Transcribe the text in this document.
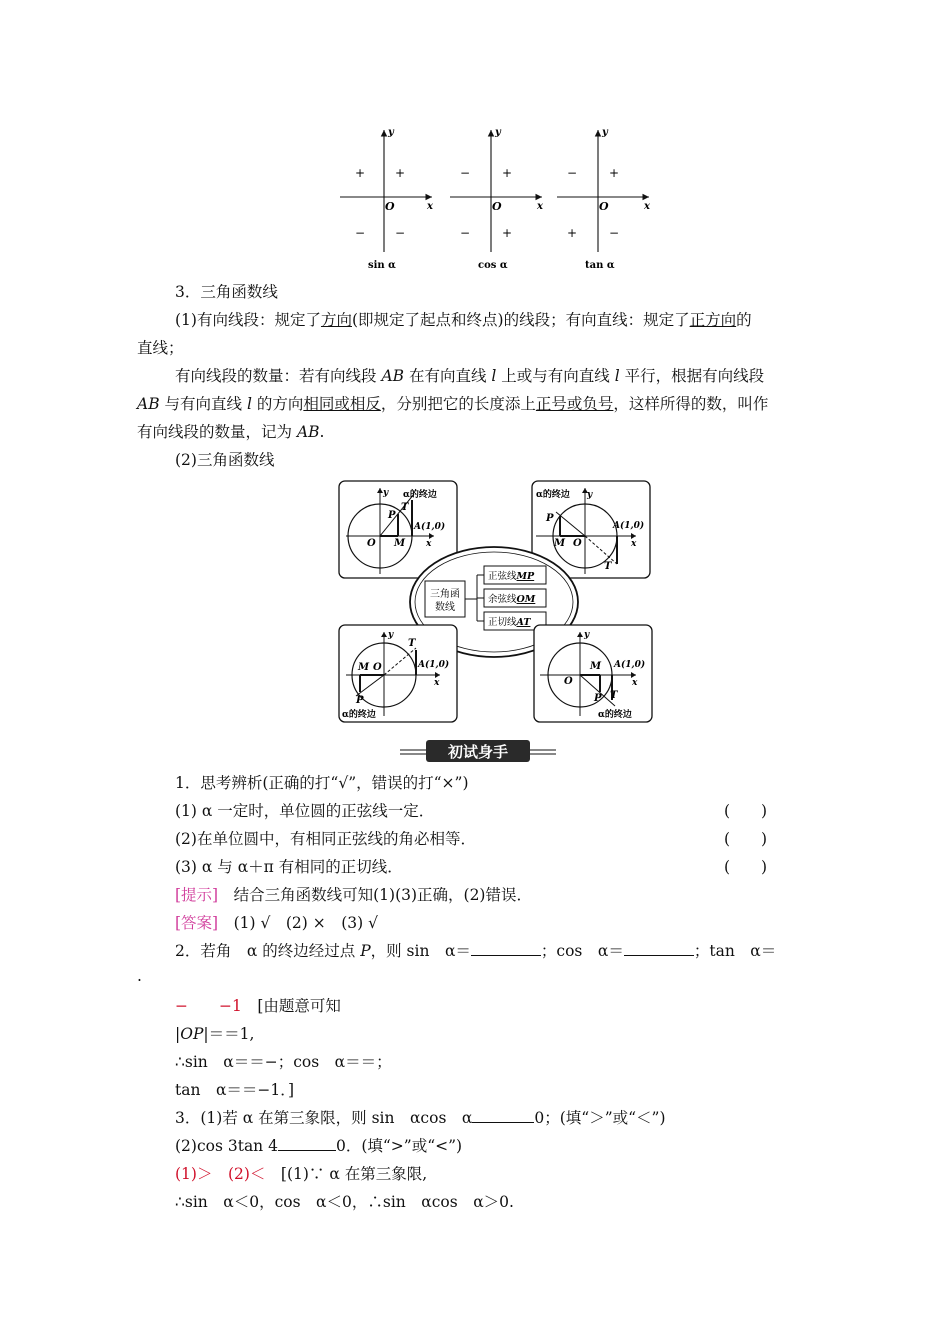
y
x
O
+
+
− −
sin α
y
x
O
+
−
−	+
cos α
y
x
O
+
−
+	−
tan α
3．三角函数线
(1)有向线段：规定了方向(即规定了起点和终点)的线段；有向直线：规定了正方向的
直线；
有向线段的数量：若有向线段 AB 在有向直线 l 上或与有向直线 l 平行，根据有向线段
AB 与有向直线 l 的方向相同或相反，分别把它的长度添上正号或负号，这样所得的数，叫作
有向线段的数量，记为 AB.
(2)三角函数线
y α的终边
P
T
A(1,0)
O M x
α的终边 y
P
A(1,0)
M O	x
T
三角函
数线
正弦线MP
余弦线OM
正切线AT
y
T
A(1,0)
M O
x
P
α的终边
y
M A(1,0)
O	x
P T
α的终边
初试身手
1．思考辨析(正确的打“√”，错误的打“×”)
(1) α 一定时，单位圆的正弦线一定．	(　　)
(2)在单位圆中，有相同正弦线的角必相等．	(　　)
(3) α 与 α＋π 有相同的正切线．	(　　)
[提示]　结合三角函数线可知(1)(3)正确，(2)错误．
[答案]　(1) √　(2) ×　(3) √
2．若角　α 的终边经过点 P，则 sin　α＝	；cos　α＝	；tan　α＝
.
−　　−1　[由题意可知
|OP|＝＝1,
∴sin　α＝＝−；cos　α＝＝；
tan　α＝＝−1．]
3．(1)若 α 在第三象限，则 sin　αcos　α	0；(填“＞”或“＜”)
(2)cos 3tan 4	0．(填“>”或“<”)
(1)＞　(2)＜　[(1)∵ α 在第三象限,
∴sin　α＜0，cos　α＜0，∴sin　αcos　α＞0.
